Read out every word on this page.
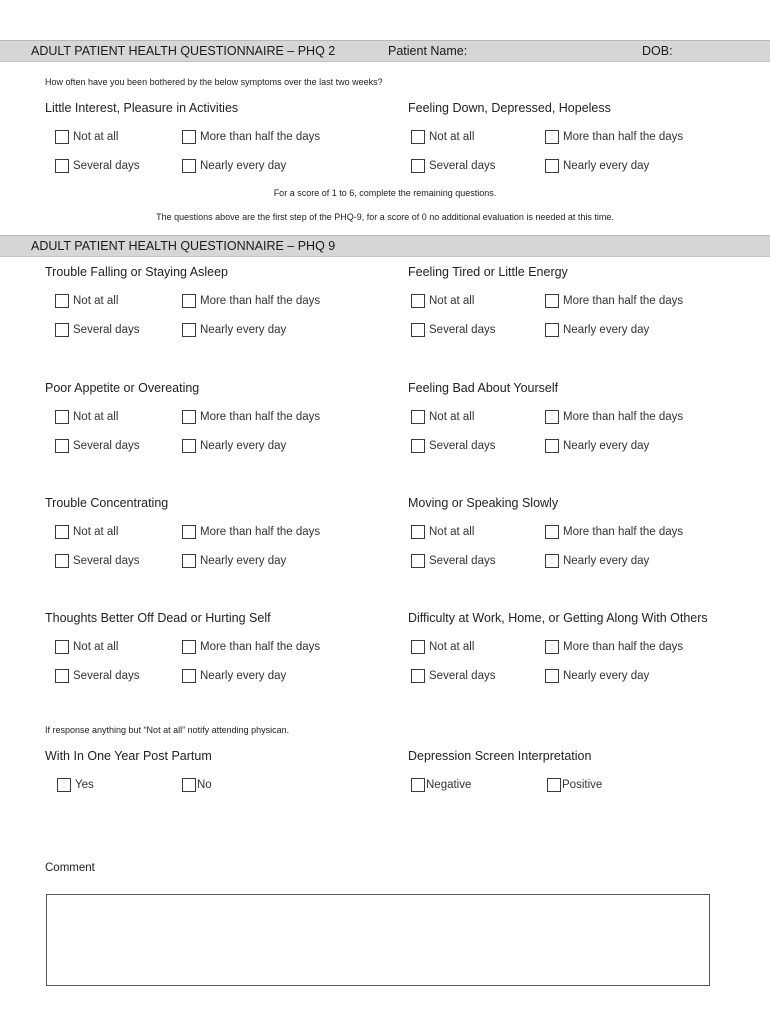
ADULT PATIENT HEALTH QUESTIONNAIRE – PHQ 2	Patient Name:	DOB:
How often have you been bothered by the below symptoms over the last two weeks?
Little Interest, Pleasure in Activities
Not at all	More than half the days
Several days	Nearly every day
Feeling Down, Depressed, Hopeless
Not at all	More than half the days
Several days	Nearly every day
For a score of 1 to 6, complete the remaining questions.
The questions above are the first step of the PHQ-9, for a score of 0 no additional evaluation is needed at this time.
ADULT PATIENT HEALTH QUESTIONNAIRE – PHQ 9
Trouble Falling or Staying Asleep
Not at all	More than half the days
Several days	Nearly every day
Feeling Tired or Little Energy
Not at all	More than half the days
Several days	Nearly every day
Poor Appetite or Overeating
Not at all	More than half the days
Several days	Nearly every day
Feeling Bad About Yourself
Not at all	More than half the days
Several days	Nearly every day
Trouble Concentrating
Not at all	More than half the days
Several days	Nearly every day
Moving or Speaking Slowly
Not at all	More than half the days
Several days	Nearly every day
Thoughts Better Off Dead or Hurting Self
Not at all	More than half the days
Several days	Nearly every day
Difficulty at Work, Home, or Getting Along With Others
Not at all	More than half the days
Several days	Nearly every day
If response anything but “Not at all” notify attending physican.
With In One Year Post Partum
Yes	No
Depression Screen Interpretation
Negative	Positive
Comment
